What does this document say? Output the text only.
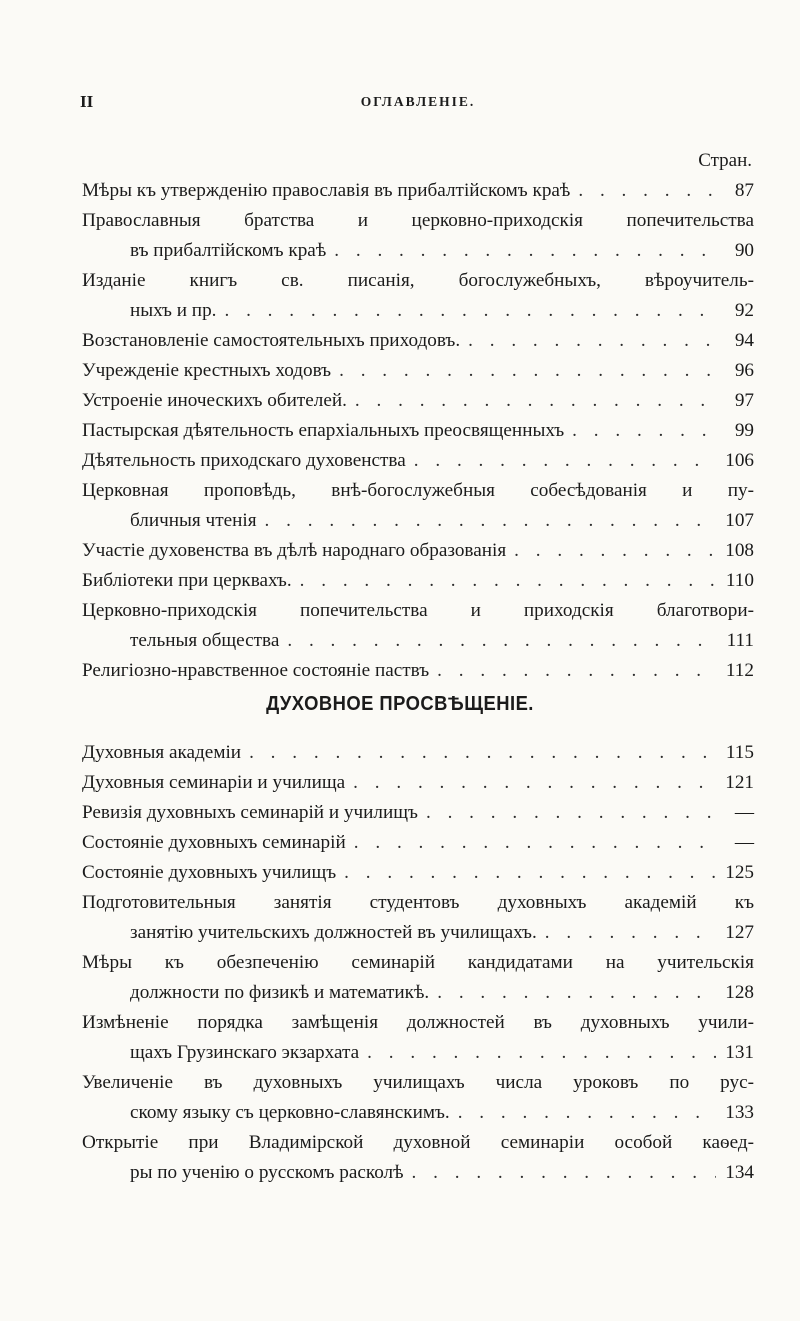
II	ОГЛАВЛЕНІЕ.
Стран.
Мѣры къ утвержденію православія въ прибалтійскомъ краѣ . . .	87
Православныя братства и церковно-приходскія попечительства
въ прибалтійскомъ краѣ . . .	90
Изданіе книгъ св. писанія, богослужебныхъ, вѣроучитель-
ныхъ и пр. . . .	92
Возстановленіе самостоятельныхъ приходовъ. . . .	94
Учрежденіе крестныхъ ходовъ . . .	96
Устроеніе иноческихъ обителей. . . .	97
Пастырская дѣятельность епархіальныхъ преосвященныхъ . . .	99
Дѣятельность приходскаго духовенства . . .	106
Церковная проповѣдь, внѣ-богослужебныя собесѣдованія и пу-
бличныя чтенія . . .	107
Участіе духовенства въ дѣлѣ народнаго образованія . . .	108
Библіотеки при церквахъ. . . .	110
Церковно-приходскія попечительства и приходскія благотвори-
тельныя общества . . .	111
Религіозно-нравственное состояніе паствъ . . .	112
ДУХОВНОЕ ПРОСВѢЩЕНІЕ.
Духовныя академіи . . .	115
Духовныя семинаріи и училища . . .	121
Ревизія духовныхъ семинарій и училищъ . . .	—
Состояніе духовныхъ семинарій . . .	—
Состояніе духовныхъ училищъ . . .	125
Подготовительныя занятія студентовъ духовныхъ академій къ
занятію учительскихъ должностей въ училищахъ. . . .	127
Мѣры къ обезпеченію семинарій кандидатами на учительскія
должности по физикѣ и математикѣ. . . .	128
Измѣненіе порядка замѣщенія должностей въ духовныхъ учили-
щахъ Грузинскаго экзархата . . .	131
Увеличеніе въ духовныхъ училищахъ числа уроковъ по рус-
скому языку съ церковно-славянскимъ. . . .	133
Открытіе при Владимірской духовной семинаріи особой каѳед-
ры по ученію о русскомъ расколѣ . . .	134
